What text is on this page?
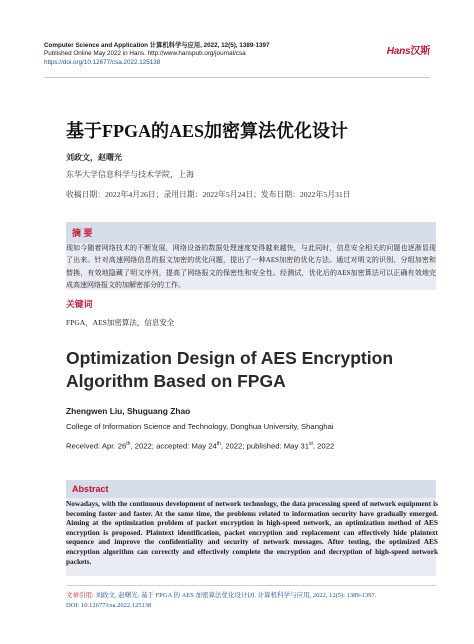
Computer Science and Application 计算机科学与应用, 2022, 12(5), 1389-1397
Published Online May 2022 in Hans. http://www.hanspub.org/journal/csa
https://doi.org/10.12677/csa.2022.125138
Hans汉斯
基于FPGA的AES加密算法优化设计
刘政文，赵曙光
东华大学信息科学与技术学院，上海
收稿日期：2022年4月26日；录用日期：2022年5月24日；发布日期：2022年5月31日
摘 要
现如今随着网络技术的不断发展，网络设备的数据处理速度变得越来越快，与此同时，信息安全相关的问题也逐渐显现了出来。针对高速网络信息的报文加密的优化问题，提出了一种AES加密的优化方法。通过对明文的识别、分组加密和替换，有效地隐藏了明文序列，提高了网络报文的保密性和安全性。经测试，优化后的AES加密算法可以正确有效地完成高速网络报文的加解密部分的工作。
关键词
FPGA，AES加密算法，信息安全
Optimization Design of AES Encryption Algorithm Based on FPGA
Zhengwen Liu, Shuguang Zhao
College of Information Science and Technology, Donghua University, Shanghai
Received: Apr. 26th, 2022; accepted: May 24th, 2022; published: May 31st, 2022
Abstract
Nowadays, with the continuous development of network technology, the data processing speed of network equipment is becoming faster and faster. At the same time, the problems related to information security have gradually emerged. Aiming at the optimization problem of packet encryption in high-speed network, an optimization method of AES encryption is proposed. Plaintext identification, packet encryption and replacement can effectively hide plaintext sequence and improve the confidentiality and security of network messages. After testing, the optimized AES encryption algorithm can correctly and effectively complete the encryption and decryption of high-speed network packets.
文章引用: 刘政文, 赵曙光. 基于 FPGA 的 AES 加密算法优化设计[J]. 计算机科学与应用, 2022, 12(5): 1389-1397.
DOI: 10.12677/csa.2022.125138
